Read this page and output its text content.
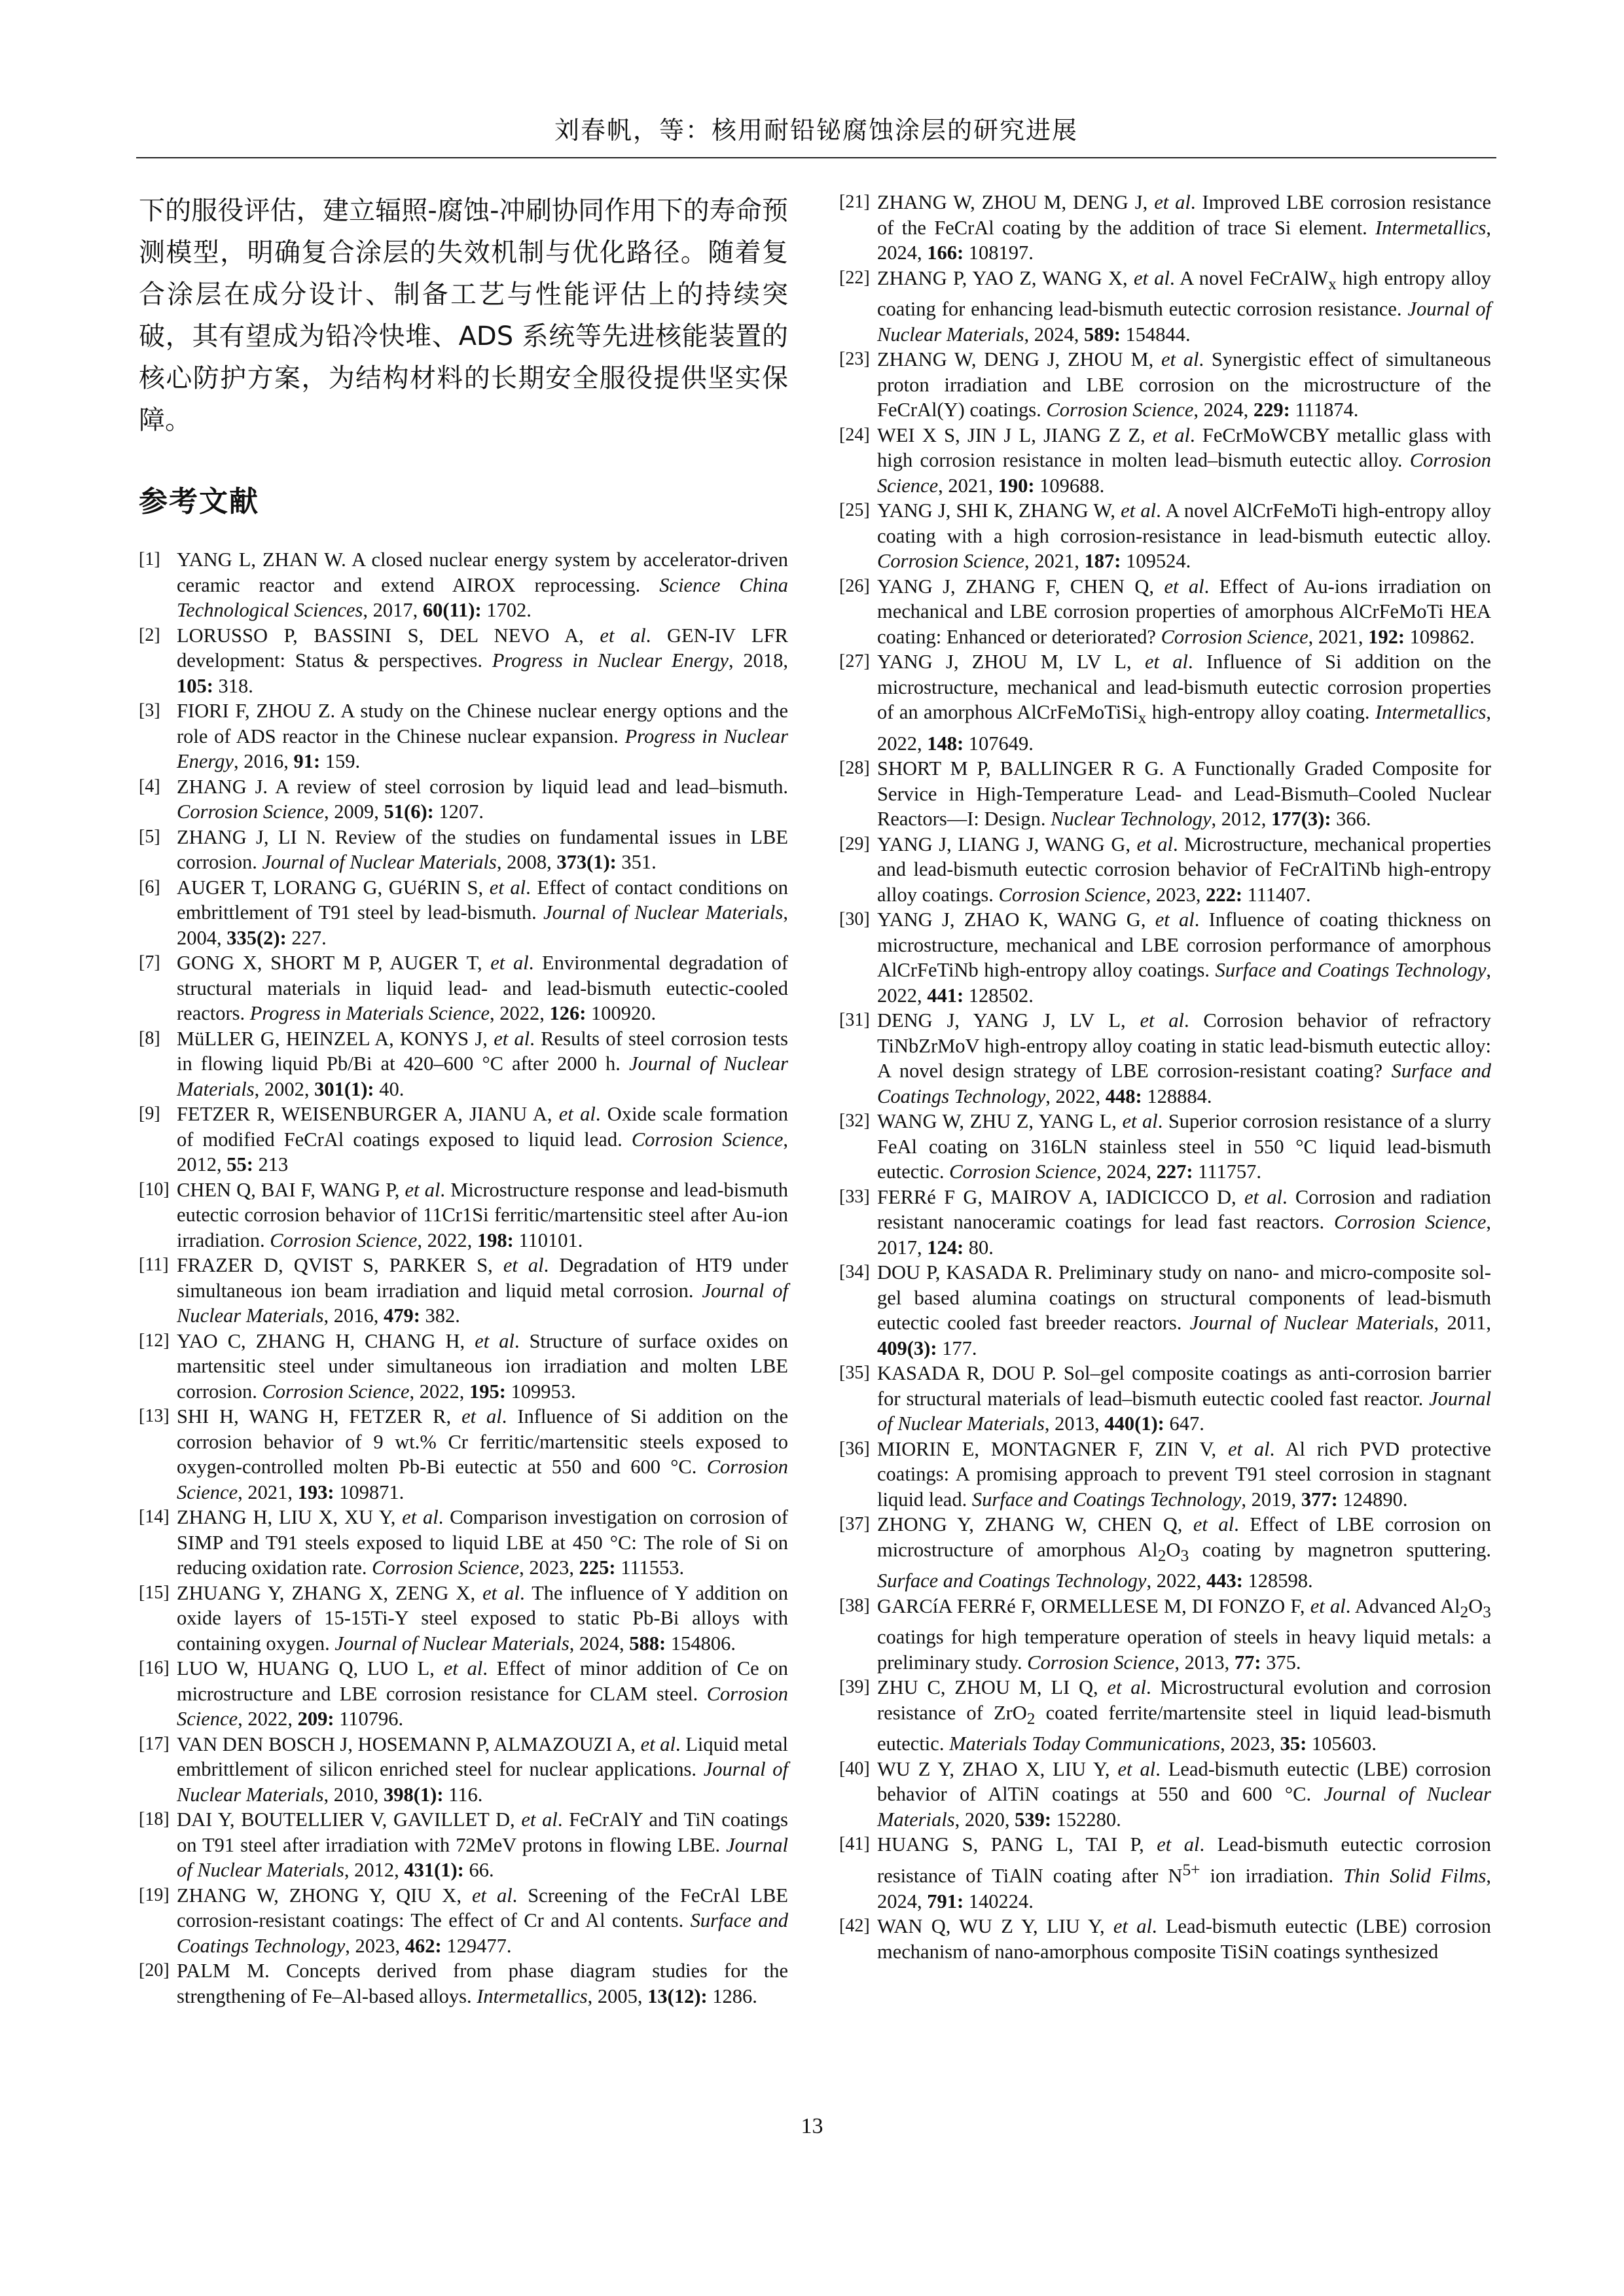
刘春帆，等：核用耐铅铋腐蚀涂层的研究进展

下的服役评估，建立辐照-腐蚀-冲刷协同作用下的寿命预测模型，明确复合涂层的失效机制与优化路径。随着复合涂层在成分设计、制备工艺与性能评估上的持续突破，其有望成为铅冷快堆、ADS 系统等先进核能装置的核心防护方案，为结构材料的长期安全服役提供坚实保障。

参考文献

[1] YANG L, ZHAN W. A closed nuclear energy system by accelerator-driven ceramic reactor and extend AIROX reprocessing. Science China Technological Sciences, 2017, 60(11): 1702.

[2] LORUSSO P, BASSINI S, DEL NEVO A, et al. GEN-IV LFR development: Status & perspectives. Progress in Nuclear Energy, 2018, 105: 318.

[3] FIORI F, ZHOU Z. A study on the Chinese nuclear energy options and the role of ADS reactor in the Chinese nuclear expansion. Progress in Nuclear Energy, 2016, 91: 159.

[4] ZHANG J. A review of steel corrosion by liquid lead and lead–bismuth. Corrosion Science, 2009, 51(6): 1207.

[5] ZHANG J, LI N. Review of the studies on fundamental issues in LBE corrosion. Journal of Nuclear Materials, 2008, 373(1): 351.

[6] AUGER T, LORANG G, GUéRIN S, et al. Effect of contact conditions on embrittlement of T91 steel by lead-bismuth. Journal of Nuclear Materials, 2004, 335(2): 227.

[7] GONG X, SHORT M P, AUGER T, et al. Environmental degradation of structural materials in liquid lead- and lead-bismuth eutectic-cooled reactors. Progress in Materials Science, 2022, 126: 100920.

[8] MüLLER G, HEINZEL A, KONYS J, et al. Results of steel corrosion tests in flowing liquid Pb/Bi at 420–600 °C after 2000 h. Journal of Nuclear Materials, 2002, 301(1): 40.

[9] FETZER R, WEISENBURGER A, JIANU A, et al. Oxide scale formation of modified FeCrAl coatings exposed to liquid lead. Corrosion Science, 2012, 55: 213

[10] CHEN Q, BAI F, WANG P, et al. Microstructure response and lead-bismuth eutectic corrosion behavior of 11Cr1Si ferritic/martensitic steel after Au-ion irradiation. Corrosion Science, 2022, 198: 110101.

[11] FRAZER D, QVIST S, PARKER S, et al. Degradation of HT9 under simultaneous ion beam irradiation and liquid metal corrosion. Journal of Nuclear Materials, 2016, 479: 382.

[12] YAO C, ZHANG H, CHANG H, et al. Structure of surface oxides on martensitic steel under simultaneous ion irradiation and molten LBE corrosion. Corrosion Science, 2022, 195: 109953.

[13] SHI H, WANG H, FETZER R, et al. Influence of Si addition on the corrosion behavior of 9 wt.% Cr ferritic/martensitic steels exposed to oxygen-controlled molten Pb-Bi eutectic at 550 and 600 °C. Corrosion Science, 2021, 193: 109871.

[14] ZHANG H, LIU X, XU Y, et al. Comparison investigation on corrosion of SIMP and T91 steels exposed to liquid LBE at 450 °C: The role of Si on reducing oxidation rate. Corrosion Science, 2023, 225: 111553.

[15] ZHUANG Y, ZHANG X, ZENG X, et al. The influence of Y addition on oxide layers of 15-15Ti-Y steel exposed to static Pb-Bi alloys with containing oxygen. Journal of Nuclear Materials, 2024, 588: 154806.

[16] LUO W, HUANG Q, LUO L, et al. Effect of minor addition of Ce on microstructure and LBE corrosion resistance for CLAM steel. Corrosion Science, 2022, 209: 110796.

[17] VAN DEN BOSCH J, HOSEMANN P, ALMAZOUZI A, et al. Liquid metal embrittlement of silicon enriched steel for nuclear applications. Journal of Nuclear Materials, 2010, 398(1): 116.

[18] DAI Y, BOUTELLIER V, GAVILLET D, et al. FeCrAlY and TiN coatings on T91 steel after irradiation with 72MeV protons in flowing LBE. Journal of Nuclear Materials, 2012, 431(1): 66.

[19] ZHANG W, ZHONG Y, QIU X, et al. Screening of the FeCrAl LBE corrosion-resistant coatings: The effect of Cr and Al contents. Surface and Coatings Technology, 2023, 462: 129477.

[20] PALM M. Concepts derived from phase diagram studies for the strengthening of Fe–Al-based alloys. Intermetallics, 2005, 13(12): 1286.

[21] ZHANG W, ZHOU M, DENG J, et al. Improved LBE corrosion resistance of the FeCrAl coating by the addition of trace Si element. Intermetallics, 2024, 166: 108197.

[22] ZHANG P, YAO Z, WANG X, et al. A novel FeCrAlW$_x$ high entropy alloy coating for enhancing lead-bismuth eutectic corrosion resistance. Journal of Nuclear Materials, 2024, 589: 154844.

[23] ZHANG W, DENG J, ZHOU M, et al. Synergistic effect of simultaneous proton irradiation and LBE corrosion on the microstructure of the FeCrAl(Y) coatings. Corrosion Science, 2024, 229: 111874.

[24] WEI X S, JIN J L, JIANG Z Z, et al. FeCrMoWCBY metallic glass with high corrosion resistance in molten lead–bismuth eutectic alloy. Corrosion Science, 2021, 190: 109688.

[25] YANG J, SHI K, ZHANG W, et al. A novel AlCrFeMoTi high-entropy alloy coating with a high corrosion-resistance in lead-bismuth eutectic alloy. Corrosion Science, 2021, 187: 109524.

[26] YANG J, ZHANG F, CHEN Q, et al. Effect of Au-ions irradiation on mechanical and LBE corrosion properties of amorphous AlCrFeMoTi HEA coating: Enhanced or deteriorated? Corrosion Science, 2021, 192: 109862.

[27] YANG J, ZHOU M, LV L, et al. Influence of Si addition on the microstructure, mechanical and lead-bismuth eutectic corrosion properties of an amorphous AlCrFeMoTiSi$_x$ high-entropy alloy coating. Intermetallics, 2022, 148: 107649.

[28] SHORT M P, BALLINGER R G. A Functionally Graded Composite for Service in High-Temperature Lead- and Lead-Bismuth–Cooled Nuclear Reactors—I: Design. Nuclear Technology, 2012, 177(3): 366.

[29] YANG J, LIANG J, WANG G, et al. Microstructure, mechanical properties and lead-bismuth eutectic corrosion behavior of FeCrAlTiNb high-entropy alloy coatings. Corrosion Science, 2023, 222: 111407.

[30] YANG J, ZHAO K, WANG G, et al. Influence of coating thickness on microstructure, mechanical and LBE corrosion performance of amorphous AlCrFeTiNb high-entropy alloy coatings. Surface and Coatings Technology, 2022, 441: 128502.

[31] DENG J, YANG J, LV L, et al. Corrosion behavior of refractory TiNbZrMoV high-entropy alloy coating in static lead-bismuth eutectic alloy: A novel design strategy of LBE corrosion-resistant coating? Surface and Coatings Technology, 2022, 448: 128884.

[32] WANG W, ZHU Z, YANG L, et al. Superior corrosion resistance of a slurry FeAl coating on 316LN stainless steel in 550 °C liquid lead-bismuth eutectic. Corrosion Science, 2024, 227: 111757.

[33] FERRé F G, MAIROV A, IADICICCO D, et al. Corrosion and radiation resistant nanoceramic coatings for lead fast reactors. Corrosion Science, 2017, 124: 80.

[34] DOU P, KASADA R. Preliminary study on nano- and micro-composite sol-gel based alumina coatings on structural components of lead-bismuth eutectic cooled fast breeder reactors. Journal of Nuclear Materials, 2011, 409(3): 177.

[35] KASADA R, DOU P. Sol–gel composite coatings as anti-corrosion barrier for structural materials of lead–bismuth eutectic cooled fast reactor. Journal of Nuclear Materials, 2013, 440(1): 647.

[36] MIORIN E, MONTAGNER F, ZIN V, et al. Al rich PVD protective coatings: A promising approach to prevent T91 steel corrosion in stagnant liquid lead. Surface and Coatings Technology, 2019, 377: 124890.

[37] ZHONG Y, ZHANG W, CHEN Q, et al. Effect of LBE corrosion on microstructure of amorphous $Al_2O_3$ coating by magnetron sputtering. Surface and Coatings Technology, 2022, 443: 128598.

[38] GARCíA FERRé F, ORMELLESE M, DI FONZO F, et al. Advanced $Al_2O_3$ coatings for high temperature operation of steels in heavy liquid metals: a preliminary study. Corrosion Science, 2013, 77: 375.

[39] ZHU C, ZHOU M, LI Q, et al. Microstructural evolution and corrosion resistance of ZrO$_2$ coated ferrite/martensite steel in liquid lead-bismuth eutectic. Materials Today Communications, 2023, 35: 105603.

[40] WU Z Y, ZHAO X, LIU Y, et al. Lead-bismuth eutectic (LBE) corrosion behavior of AlTiN coatings at 550 and 600 °C. Journal of Nuclear Materials, 2020, 539: 152280.

[41] HUANG S, PANG L, TAI P, et al. Lead-bismuth eutectic corrosion resistance of TiAlN coating after $N^{5+}$ ion irradiation. Thin Solid Films, 2024, 791: 140224.

[42] WAN Q, WU Z Y, LIU Y, et al. Lead-bismuth eutectic (LBE) corrosion mechanism of nano-amorphous composite TiSiN coatings synthesized

13
